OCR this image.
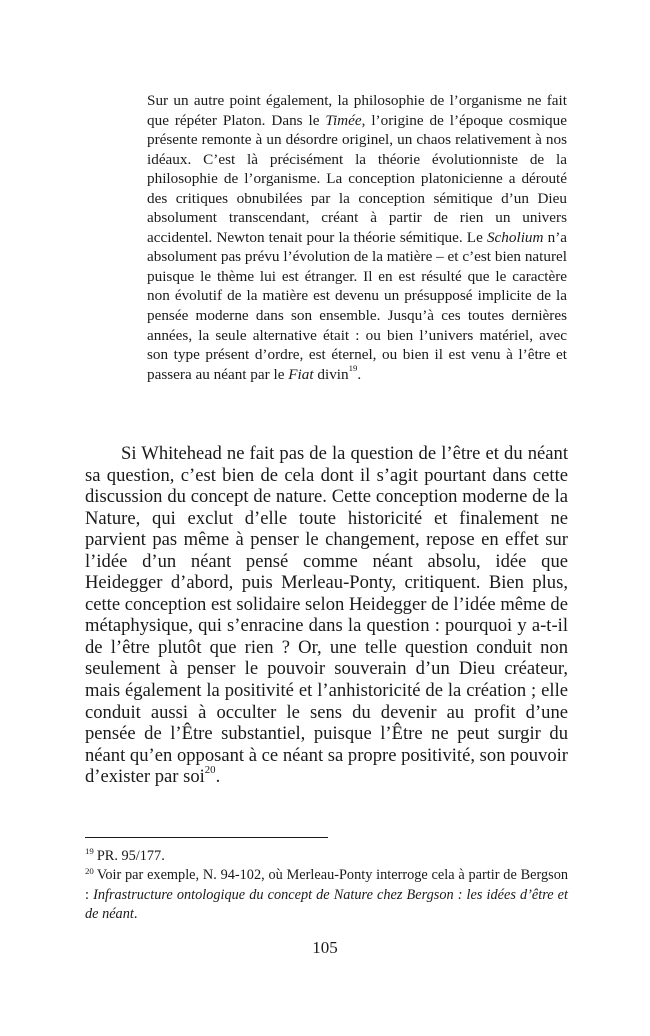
Sur un autre point également, la philosophie de l’organisme ne fait que répéter Platon. Dans le Timée, l’origine de l’époque cosmique présente remonte à un désordre originel, un chaos relativement à nos idéaux. C’est là précisément la théorie évolutionniste de la philosophie de l’organisme. La conception platonicienne a dérouté des critiques obnubilées par la conception sémitique d’un Dieu absolument transcendant, créant à partir de rien un univers accidentel. Newton tenait pour la théorie sémitique. Le Scholium n’a absolument pas prévu l’évolution de la matière – et c’est bien naturel puisque le thème lui est étranger. Il en est résulté que le caractère non évolutif de la matière est devenu un présupposé implicite de la pensée moderne dans son ensemble. Jusqu’à ces toutes dernières années, la seule alternative était : ou bien l’univers matériel, avec son type présent d’ordre, est éternel, ou bien il est venu à l’être et passera au néant par le Fiat divin$^{19}$.

Si Whitehead ne fait pas de la question de l’être et du néant sa question, c’est bien de cela dont il s’agit pourtant dans cette discussion du concept de nature. Cette conception moderne de la Nature, qui exclut d’elle toute historicité et finalement ne parvient pas même à penser le changement, repose en effet sur l’idée d’un néant pensé comme néant absolu, idée que Heidegger d’abord, puis Merleau-Ponty, critiquent. Bien plus, cette conception est solidaire selon Heidegger de l’idée même de métaphysique, qui s’enracine dans la question : pourquoi y a-t-il de l’être plutôt que rien ? Or, une telle question conduit non seulement à penser le pouvoir souverain d’un Dieu créateur, mais également la positivité et l’anhistoricité de la création ; elle conduit aussi à occulter le sens du devenir au profit d’une pensée de l’Être substantiel, puisque l’Être ne peut surgir du néant qu’en opposant à ce néant sa propre positivité, son pouvoir d’exister par soi$^{20}$.

$^{19}$ PR. 95/177.

$^{20}$ Voir par exemple, N. 94-102, où Merleau-Ponty interroge cela à partir de Bergson : Infrastructure ontologique du concept de Nature chez Bergson : les idées d’être et de néant.

105
